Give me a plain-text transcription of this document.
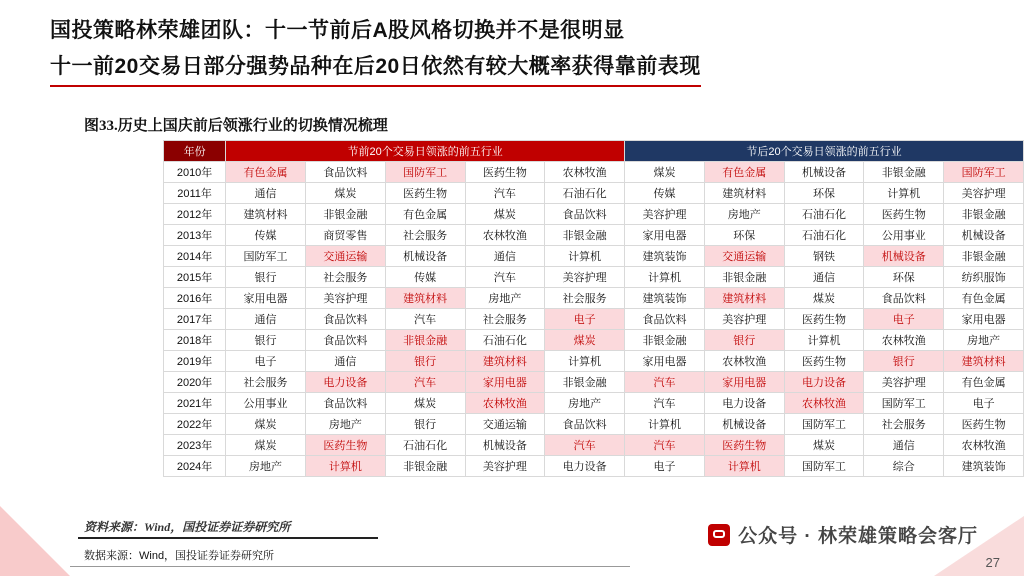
国投策略林荣雄团队：十一节前后A股风格切换并不是很明显
十一前20交易日部分强势品种在后20日依然有较大概率获得靠前表现
图33.历史上国庆前后领涨行业的切换情况梳理
年份	节前20个交易日领涨的前五行业					节后20个交易日领涨的前五行业				
2010年	有色金属	食品饮料	国防军工	医药生物	农林牧渔	煤炭	有色金属	机械设备	非银金融	国防军工
2011年	通信	煤炭	医药生物	汽车	石油石化	传媒	建筑材料	环保	计算机	美容护理
2012年	建筑材料	非银金融	有色金属	煤炭	食品饮料	美容护理	房地产	石油石化	医药生物	非银金融
2013年	传媒	商贸零售	社会服务	农林牧渔	非银金融	家用电器	环保	石油石化	公用事业	机械设备
2014年	国防军工	交通运输	机械设备	通信	计算机	建筑装饰	交通运输	钢铁	机械设备	非银金融
2015年	银行	社会服务	传媒	汽车	美容护理	计算机	非银金融	通信	环保	纺织服饰
2016年	家用电器	美容护理	建筑材料	房地产	社会服务	建筑装饰	建筑材料	煤炭	食品饮料	有色金属
2017年	通信	食品饮料	汽车	社会服务	电子	食品饮料	美容护理	医药生物	电子	家用电器
2018年	银行	食品饮料	非银金融	石油石化	煤炭	非银金融	银行	计算机	农林牧渔	房地产
2019年	电子	通信	银行	建筑材料	计算机	家用电器	农林牧渔	医药生物	银行	建筑材料
2020年	社会服务	电力设备	汽车	家用电器	非银金融	汽车	家用电器	电力设备	美容护理	有色金属
2021年	公用事业	食品饮料	煤炭	农林牧渔	房地产	汽车	电力设备	农林牧渔	国防军工	电子
2022年	煤炭	房地产	银行	交通运输	食品饮料	计算机	机械设备	国防军工	社会服务	医药生物
2023年	煤炭	医药生物	石油石化	机械设备	汽车	汽车	医药生物	煤炭	通信	农林牧渔
2024年	房地产	计算机	非银金融	美容护理	电力设备	电子	计算机	国防军工	综合	建筑装饰
资料来源：Wind，国投证券证券研究所
数据来源：Wind，国投证券证券研究所
公众号 · 林荣雄策略会客厅
27
